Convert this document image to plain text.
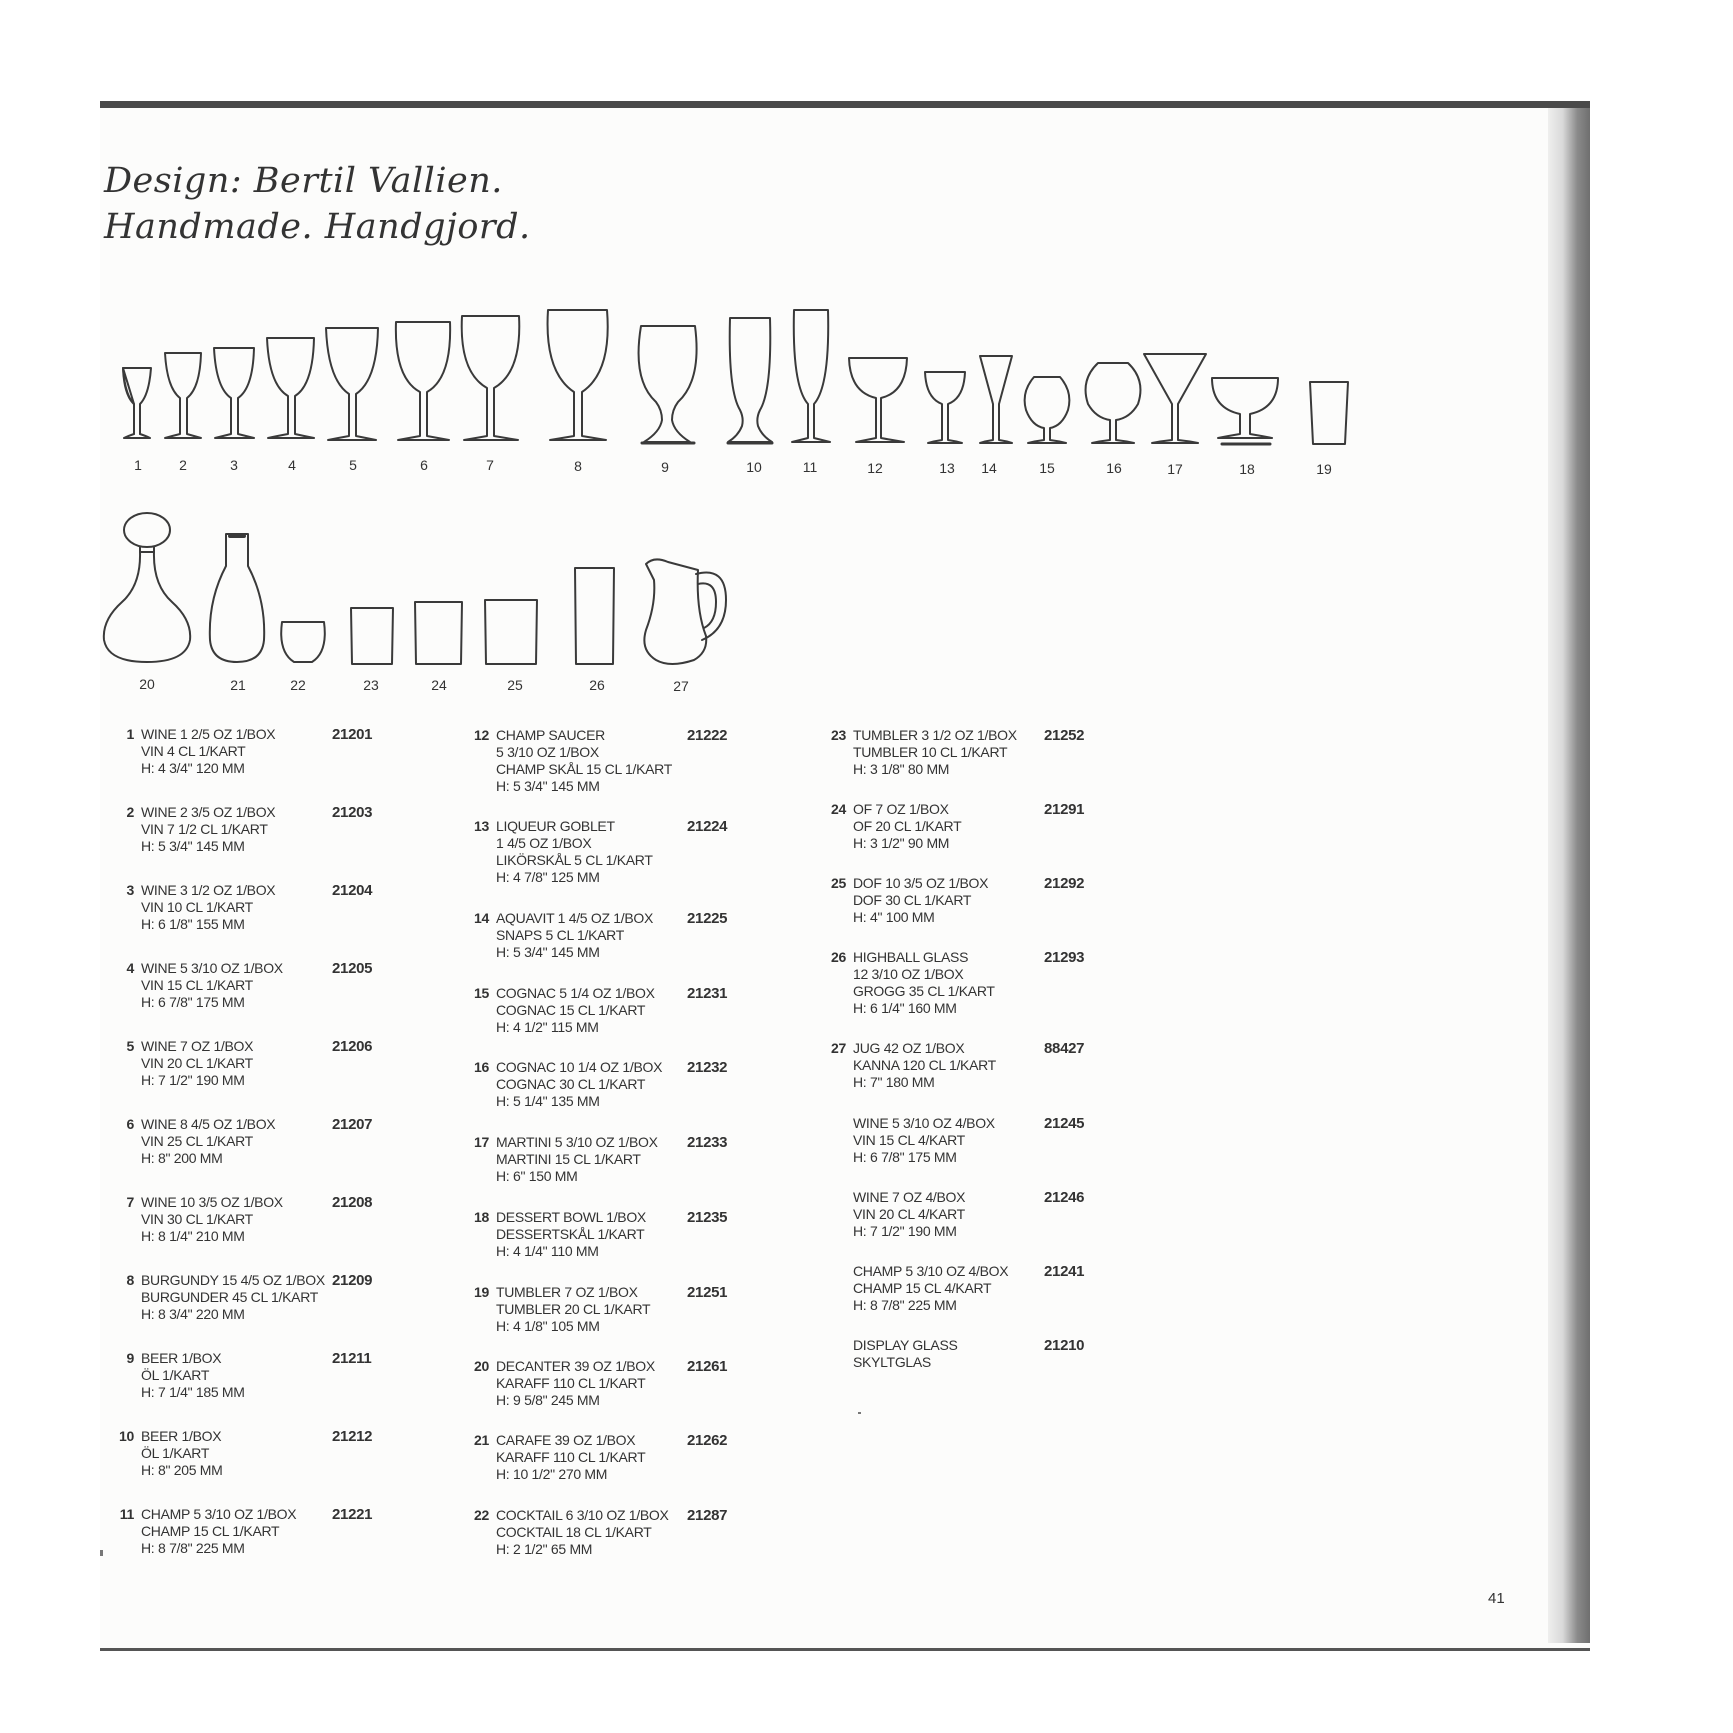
Design: Bertil Vallien.
Handmade. Handgjord.
1	2	3	4	5	6	7	8	9	10	11	12	13 14	15	16	17	18	19
20	21	22	23	24	25	26	27
1 WINE 1 2/5 OZ 1/BOX
VIN 4 CL 1/KART
H: 4 3/4" 120 MM
21201
2 WINE 2 3/5 OZ 1/BOX
VIN 7 1/2 CL 1/KART
H: 5 3/4" 145 MM
21203
3 WINE 3 1/2 OZ 1/BOX
VIN 10 CL 1/KART
H: 6 1/8" 155 MM
21204
4 WINE 5 3/10 OZ 1/BOX
VIN 15 CL 1/KART
H: 6 7/8" 175 MM
21205
5 WINE 7 OZ 1/BOX
VIN 20 CL 1/KART
H: 7 1/2" 190 MM
21206
6 WINE 8 4/5 OZ 1/BOX
VIN 25 CL 1/KART
H: 8" 200 MM
21207
7 WINE 10 3/5 OZ 1/BOX
VIN 30 CL 1/KART
H: 8 1/4" 210 MM
21208
8 BURGUNDY 15 4/5 OZ 1/BOX
BURGUNDER 45 CL 1/KART
H: 8 3/4" 220 MM
21209
9 BEER 1/BOX
ÖL 1/KART
H: 7 1/4" 185 MM
21211
10 BEER 1/BOX
ÖL 1/KART
H: 8" 205 MM
21212
11 CHAMP 5 3/10 OZ 1/BOX
CHAMP 15 CL 1/KART
H: 8 7/8" 225 MM
21221
12 CHAMP SAUCER
5 3/10 OZ 1/BOX
CHAMP SKÅL 15 CL 1/KART
H: 5 3/4" 145 MM
21222
13 LIQUEUR GOBLET
1 4/5 OZ 1/BOX
LIKÖRSKÅL 5 CL 1/KART
H: 4 7/8" 125 MM
21224
14 AQUAVIT 1 4/5 OZ 1/BOX
SNAPS 5 CL 1/KART
H: 5 3/4" 145 MM
21225
15 COGNAC 5 1/4 OZ 1/BOX
COGNAC 15 CL 1/KART
H: 4 1/2" 115 MM
21231
16 COGNAC 10 1/4 OZ 1/BOX
COGNAC 30 CL 1/KART
H: 5 1/4" 135 MM
21232
17 MARTINI 5 3/10 OZ 1/BOX
MARTINI 15 CL 1/KART
H: 6" 150 MM
21233
18 DESSERT BOWL 1/BOX
DESSERTSKÅL 1/KART
H: 4 1/4" 110 MM
21235
19 TUMBLER 7 OZ 1/BOX
TUMBLER 20 CL 1/KART
H: 4 1/8" 105 MM
21251
20 DECANTER 39 OZ 1/BOX
KARAFF 110 CL 1/KART
H: 9 5/8" 245 MM
21261
21 CARAFE 39 OZ 1/BOX
KARAFF 110 CL 1/KART
H: 10 1/2" 270 MM
21262
22 COCKTAIL 6 3/10 OZ 1/BOX
COCKTAIL 18 CL 1/KART
H: 2 1/2" 65 MM
21287
23 TUMBLER 3 1/2 OZ 1/BOX
TUMBLER 10 CL 1/KART
H: 3 1/8" 80 MM
21252
24 OF 7 OZ 1/BOX
OF 20 CL 1/KART
H: 3 1/2" 90 MM
21291
25 DOF 10 3/5 OZ 1/BOX
DOF 30 CL 1/KART
H: 4" 100 MM
21292
26 HIGHBALL GLASS
12 3/10 OZ 1/BOX
GROGG 35 CL 1/KART
H: 6 1/4" 160 MM
21293
27 JUG 42 OZ 1/BOX
KANNA 120 CL 1/KART
H: 7" 180 MM
88427
WINE 5 3/10 OZ 4/BOX
VIN 15 CL 4/KART
H: 6 7/8" 175 MM
21245
WINE 7 OZ 4/BOX
VIN 20 CL 4/KART
H: 7 1/2" 190 MM
21246
CHAMP 5 3/10 OZ 4/BOX
CHAMP 15 CL 4/KART
H: 8 7/8" 225 MM
21241
DISPLAY GLASS
SKYLTGLAS
21210
41
